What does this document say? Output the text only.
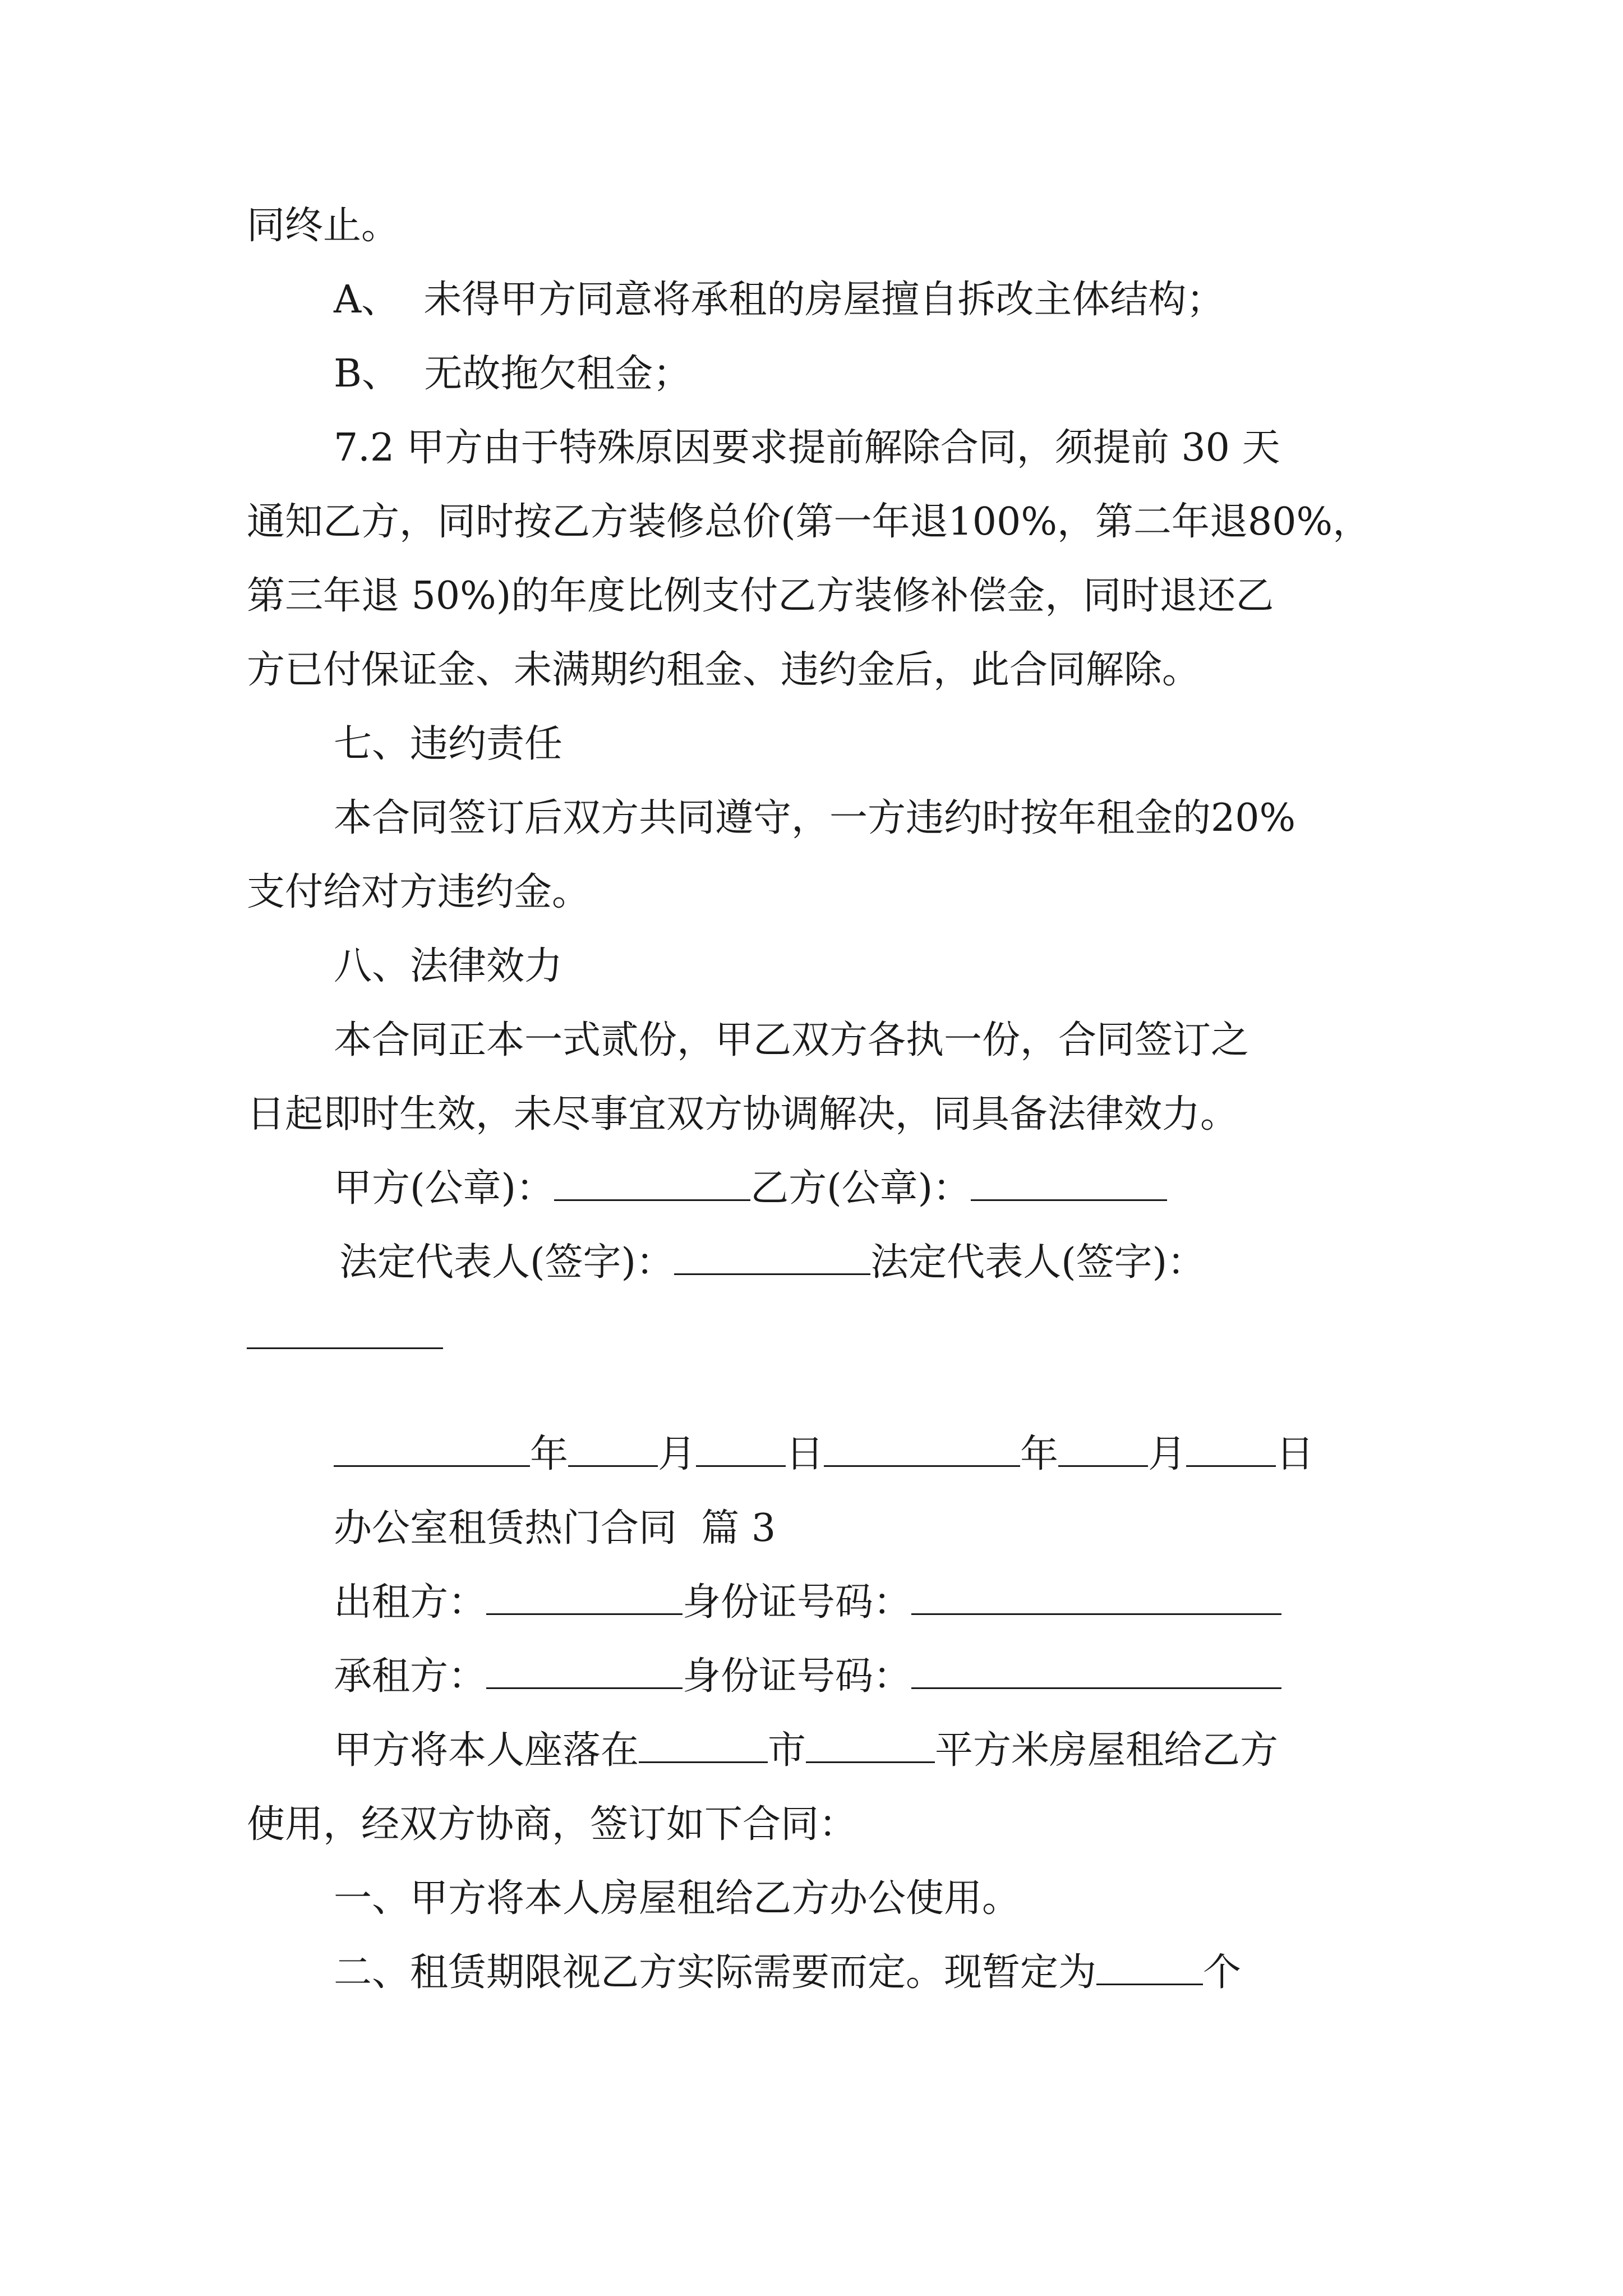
同终止。
A、  未得甲方同意将承租的房屋擅自拆改主体结构；
B、  无故拖欠租金；
7.2 甲方由于特殊原因要求提前解除合同，须提前 30 天
通知乙方，同时按乙方装修总价(第一年退100%，第二年退80%，
第三年退 50%)的年度比例支付乙方装修补偿金，同时退还乙
方已付保证金、未满期约租金、违约金后，此合同解除。
七、违约责任
本合同签订后双方共同遵守，一方违约时按年租金的20%
支付给对方违约金。
八、法律效力
本合同正本一式贰份，甲乙双方各执一份，合同签订之
日起即时生效，未尽事宜双方协调解决，同具备法律效力。
甲方(公章)：	乙方(公章)：
法定代表人(签字)：	法定代表人(签字)：
年 月 日	年 月 日
办公室租赁热门合同  篇 3
出租方：	身份证号码：
承租方：	身份证号码：
甲方将本人座落在	市	平方米房屋租给乙方
使用，经双方协商，签订如下合同：
一、甲方将本人房屋租给乙方办公使用。
二、租赁期限视乙方实际需要而定。现暂定为	个
